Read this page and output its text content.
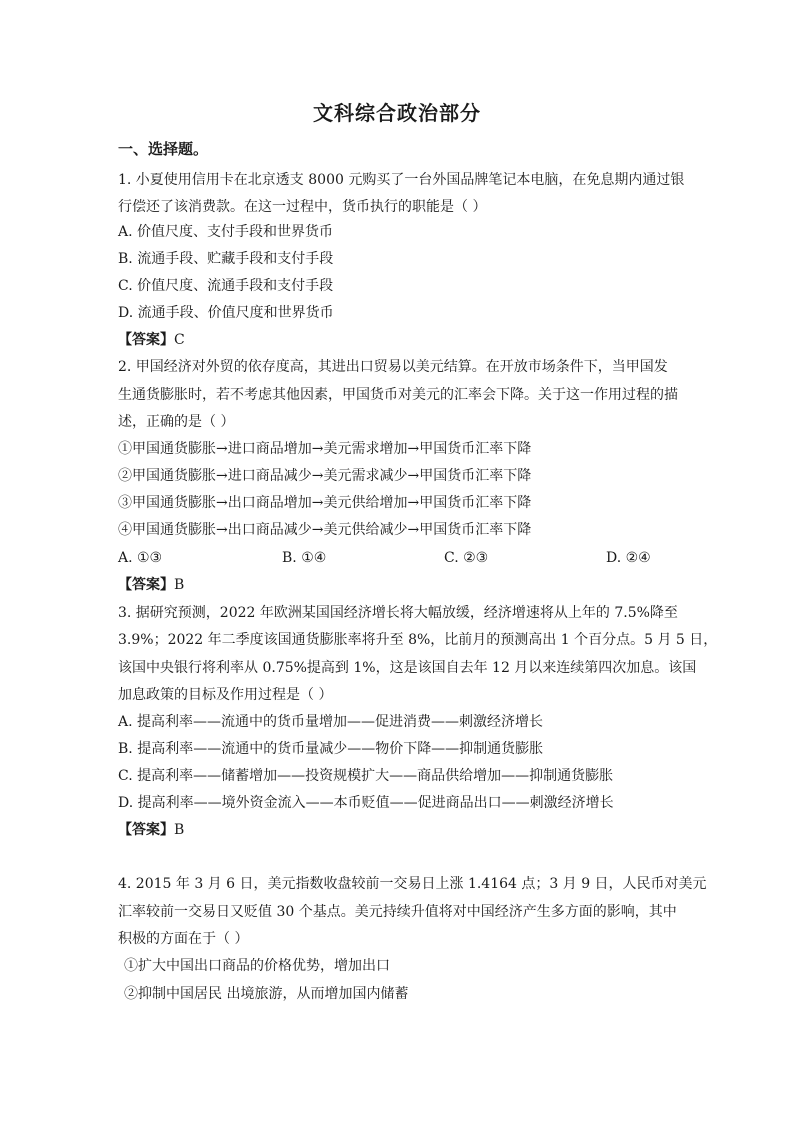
文科综合政治部分
一、选择题。
1. 小夏使用信用卡在北京透支 8000 元购买了一台外国品牌笔记本电脑，在免息期内通过银
行偿还了该消费款。在这一过程中，货币执行的职能是（ ）
A. 价值尺度、支付手段和世界货币
B. 流通手段、贮藏手段和支付手段
C. 价值尺度、流通手段和支付手段
D. 流通手段、价值尺度和世界货币
【答案】C
2. 甲国经济对外贸的依存度高，其进出口贸易以美元结算。在开放市场条件下，当甲国发
生通货膨胀时，若不考虑其他因素，甲国货币对美元的汇率会下降。关于这一作用过程的描
述，正确的是（ ）
①甲国通货膨胀→进口商品增加→美元需求增加→甲国货币汇率下降
②甲国通货膨胀→进口商品减少→美元需求减少→甲国货币汇率下降
③甲国通货膨胀→出口商品增加→美元供给增加→甲国货币汇率下降
④甲国通货膨胀→出口商品减少→美元供给减少→甲国货币汇率下降
A. ①③	B. ①④	C. ②③	D. ②④
【答案】B
3. 据研究预测，2022 年欧洲某国国经济增长将大幅放缓，经济增速将从上年的 7.5%降至
3.9%；2022 年二季度该国通货膨胀率将升至 8%，比前月的预测高出 1 个百分点。5 月 5 日，
该国中央银行将利率从 0.75%提高到 1%，这是该国自去年 12 月以来连续第四次加息。该国
加息政策的目标及作用过程是（ ）
A. 提高利率——流通中的货币量增加——促进消费——刺激经济增长
B. 提高利率——流通中的货币量减少——物价下降——抑制通货膨胀
C. 提高利率——储蓄增加——投资规模扩大——商品供给增加——抑制通货膨胀
D. 提高利率——境外资金流入——本币贬值——促进商品出口——刺激经济增长
【答案】B
4. 2015 年 3 月 6 日，美元指数收盘较前一交易日上涨 1.4164 点；3 月 9 日，人民币对美元
汇率较前一交易日又贬值 30 个基点。美元持续升值将对中国经济产生多方面的影响，其中
积极的方面在于（ ）
①扩大中国出口商品的价格优势，增加出口
②抑制中国居民 出境旅游，从而增加国内储蓄
